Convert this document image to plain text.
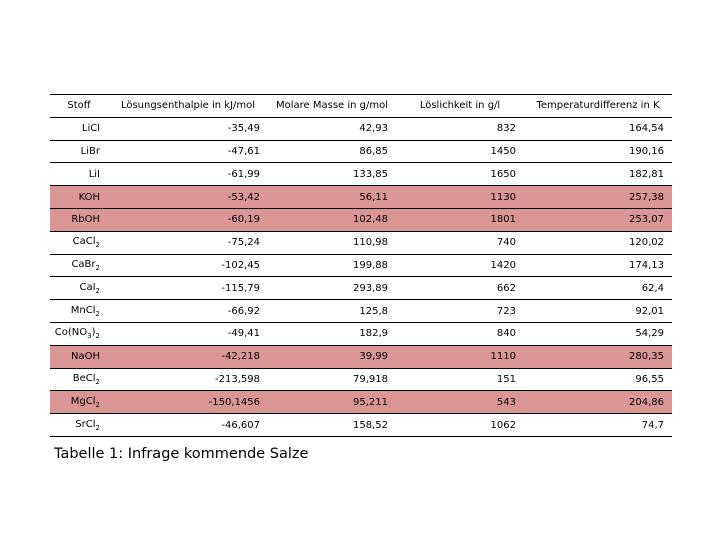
Stoff	Lösungsenthalpie in kJ/mol	Molare Masse in g/mol	Löslichkeit in g/l	Temperaturdifferenz in K
LiCl	-35,49	42,93	832	164,54
LiBr	-47,61	86,85	1450	190,16
LiI	-61,99	133,85	1650	182,81
KOH	-53,42	56,11	1130	257,38
RbOH	-60,19	102,48	1801	253,07
CaCl$_2$	-75,24	110,98	740	120,02
CaBr$_2$	-102,45	199,88	1420	174,13
CaI$_2$	-115,79	293,89	662	62,4
MnCl$_2$	-66,92	125,8	723	92,01
$Co(NO_3)_2$	-49,41	182,9	840	54,29
NaOH	-42,218	39,99	1110	280,35
BeCl$_2$	-213,598	79,918	151	96,55
MgCl$_2$	-150,1456	95,211	543	204,86
SrCl$_2$	-46,607	158,52	1062	74,7
Tabelle 1: Infrage kommende Salze
